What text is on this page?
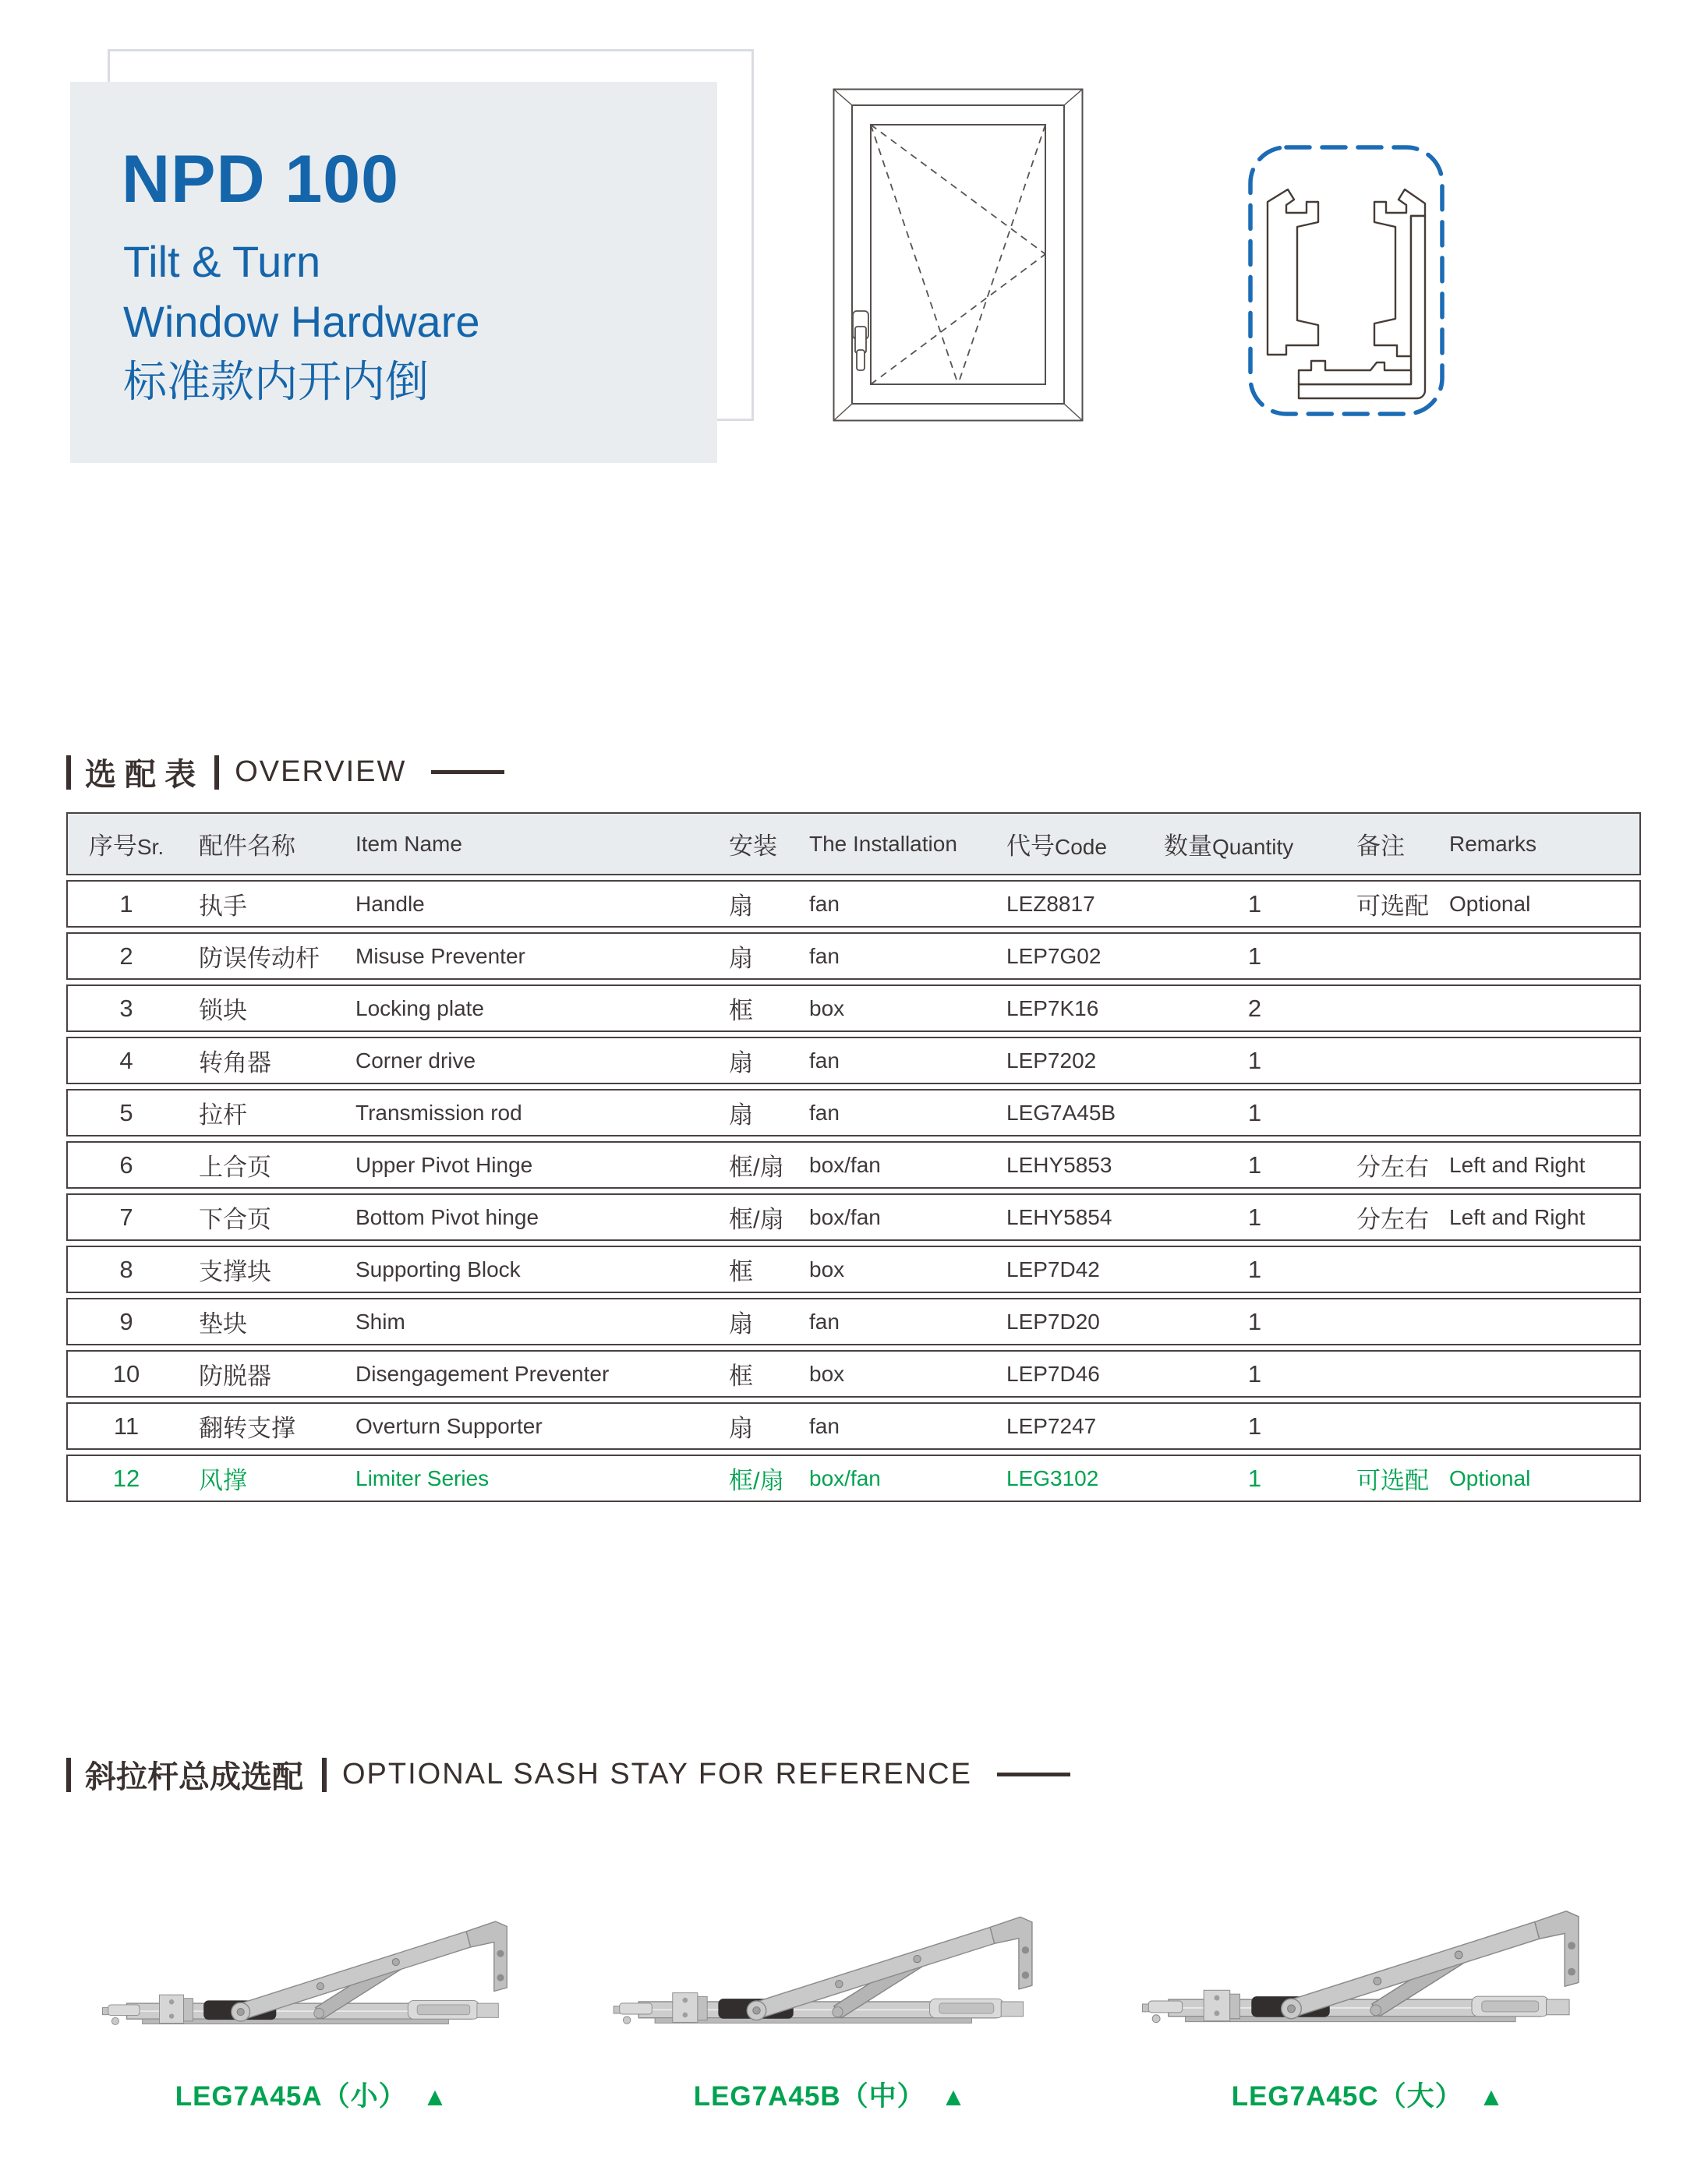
NPD 100
Tilt & Turn
Window Hardware
标准款内开内倒
选 配 表 OVERVIEW
序号Sr.	配件名称	Item Name	安装	The Installation	代号Code	数量Quantity	备注	Remarks
1	执手	Handle	扇	fan	LEZ8817	1	可选配 Optional
2	防误传动杆	Misuse Preventer	扇	fan	LEP7G02	1
3	锁块	Locking plate	框	box	LEP7K16	2
4	转角器	Corner drive	扇	fan	LEP7202	1
5	拉杆	Transmission rod	扇	fan	LEG7A45B	1
6	上合页	Upper Pivot Hinge	框/扇	box/fan	LEHY5853	1	分左右 Left and Right
7	下合页	Bottom Pivot hinge	框/扇	box/fan	LEHY5854	1	分左右 Left and Right
8	支撑块	Supporting Block	框	box	LEP7D42	1
9	垫块	Shim	扇	fan	LEP7D20	1
10	防脱器	Disengagement Preventer	框	box	LEP7D46	1
11	翻转支撑	Overturn Supporter	扇	fan	LEP7247	1
12	风撑	Limiter Series	框/扇	box/fan	LEG3102	1	可选配 Optional
斜拉杆总成选配 OPTIONAL SASH STAY FOR REFERENCE
LEG7A45A（小） ▲	LEG7A45B（中） ▲	LEG7A45C（大） ▲
